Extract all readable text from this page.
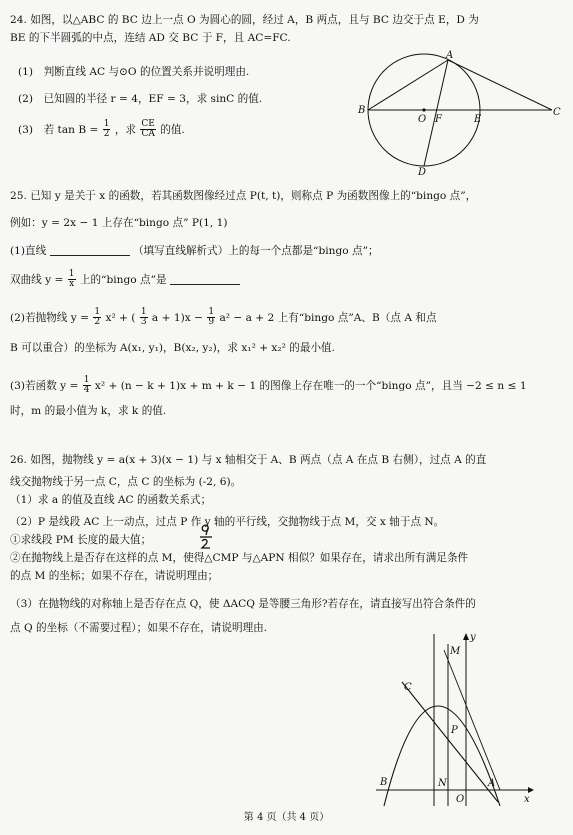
24. 如图，以△ABC 的 BC 边上一点 O 为圆心的圆，经过 A，B 两点，且与 BC 边交于点 E，D 为
BE 的下半圆弧的中点，连结 AD 交 BC 于 F，且 AC=FC.
(1)　判断直线 AC 与⊙O 的位置关系并说明理由.
(2)　已知圆的半径 r = 4，EF = 3，求 sinC 的值.
(3)　若 $\tan B = \frac{1}{2}$ ，求 $\frac{CE}{CA}$ 的值.
A
B	C
D
O F	E
25. 已知 y 是关于 x 的函数，若其函数图像经过点 P(t, t)，则称点 P 为函数图像上的“bingo 点”，
例如：y = 2x − 1 上存在“bingo 点” P(1, 1)
(1)直线	（填写直线解析式）上的每一个点都是“bingo 点”；
双曲线 $y = \frac{1}{x}$ 上的“bingo 点”是
(2)若抛物线 $y = \frac{1}{2} x^2$ + ( $\frac{1}{3}$ $a + 1)x - \frac{1}{9} a^2 - a + 2$ 上有“bingo 点”A、B（点 A 和点
B 可以重合）的坐标为 A(x₁, y₁)，B(x₂, y₂)，求 x₁² + x₂² 的最小值.
(3)若函数 $y = \frac{1}{4} x^2 + (n - k + 1)x + m + k - 1$ 的图像上存在唯一的一个“bingo 点”，且当 −2 ≤ n ≤ 1
时，m 的最小值为 k，求 k 的值.
26. 如图，抛物线 y = a(x + 3)(x − 1) 与 x 轴相交于 A、B 两点（点 A 在点 B 右侧），过点 A 的直
线交抛物线于另一点 C，点 C 的坐标为 (-2, 6)。
（1）求 a 的值及直线 AC 的函数关系式；
（2）P 是线段 AC 上一动点，过点 P 作 y 轴的平行线，交抛物线于点 M，交 x 轴于点 N。
①求线段 PM 长度的最大值；
②在抛物线上是否存在这样的点 M，使得△CMP 与△APN 相似？如果存在，请求出所有满足条件
的点 M 的坐标；如果不存在，请说明理由；
（3）在抛物线的对称轴上是否存在点 Q，使 ΔACQ 是等腰三角形?若存在，请直接写出符合条件的
点 Q 的坐标（不需要过程）；如果不存在，请说明理由.
y
x
M
C
P
B	N
O
A
第 4 页（共 4 页）
